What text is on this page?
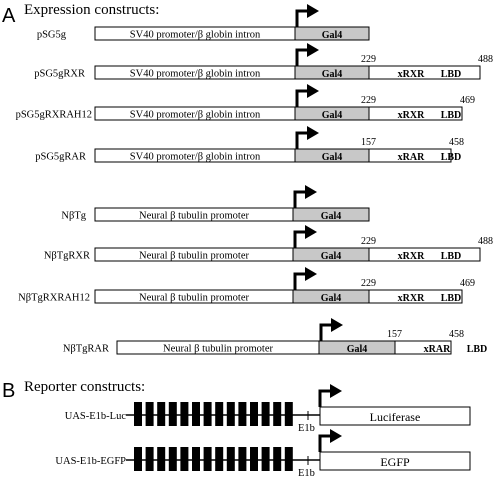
A Expression constructs:
pSG5g	SV40 promoter/β globin intron	Gal4
pSG5gRXR	SV40 promoter/β globin intron	Gal4
229	488
xRXR LBD
pSG5gRXRAH12	SV40 promoter/β globin intron	Gal4
229	469
xRXR LBD
pSG5gRAR	SV40 promoter/β globin intron	Gal4
157	458
xRAR LBD
NβTg	Neural β tubulin promoter	Gal4
NβTgRXR	Neural β tubulin promoter	Gal4
229	488
xRXR LBD
NβTgRXRAH12	Neural β tubulin promoter	Gal4
229	469
xRXR LBD
NβTgRAR	Neural β tubulin promoter	Gal4
157	458
xRAR LBD
B Reporter constructs:
UAS-E1b-Luc
E1b
Luciferase
UAS-E1b-EGFP
E1b
EGFP
